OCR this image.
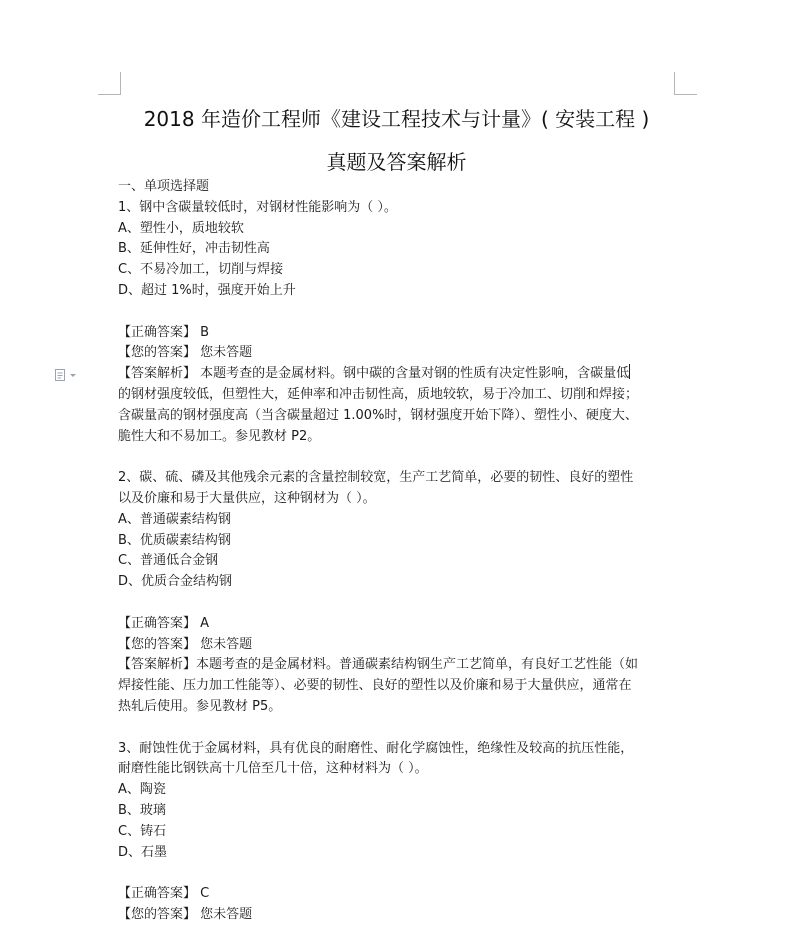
2018 年造价工程师《建设工程技术与计量》( 安装工程 )
真题及答案解析

一、单项选择题

1、钢中含碳量较低时，对钢材性能影响为（ ）。

A、塑性小，质地较软

B、延伸性好，冲击韧性高

C、不易冷加工，切削与焊接

D、超过 1%时，强度开始上升

【正确答案】 B

【您的答案】 您未答题

【答案解析】 本题考查的是金属材料。钢中碳的含量对钢的性质有决定性影响，含碳量低

的钢材强度较低，但塑性大，延伸率和冲击韧性高，质地较软，易于冷加工、切削和焊接；

含碳量高的钢材强度高（当含碳量超过 1.00%时，钢材强度开始下降）、塑性小、硬度大、

脆性大和不易加工。参见教材 P2。

2、碳、硫、磷及其他残余元素的含量控制较宽，生产工艺简单，必要的韧性、良好的塑性

以及价廉和易于大量供应，这种钢材为（ ）。

A、普通碳素结构钢

B、优质碳素结构钢

C、普通低合金钢

D、优质合金结构钢

【正确答案】 A

【您的答案】 您未答题

【答案解析】本题考查的是金属材料。普通碳素结构钢生产工艺简单，有良好工艺性能（如

焊接性能、压力加工性能等）、必要的韧性、良好的塑性以及价廉和易于大量供应，通常在

热轧后使用。参见教材 P5。

3、耐蚀性优于金属材料，具有优良的耐磨性、耐化学腐蚀性，绝缘性及较高的抗压性能，

耐磨性能比钢铁高十几倍至几十倍，这种材料为（ ）。

A、陶瓷

B、玻璃

C、铸石

D、石墨

【正确答案】 C

【您的答案】 您未答题
